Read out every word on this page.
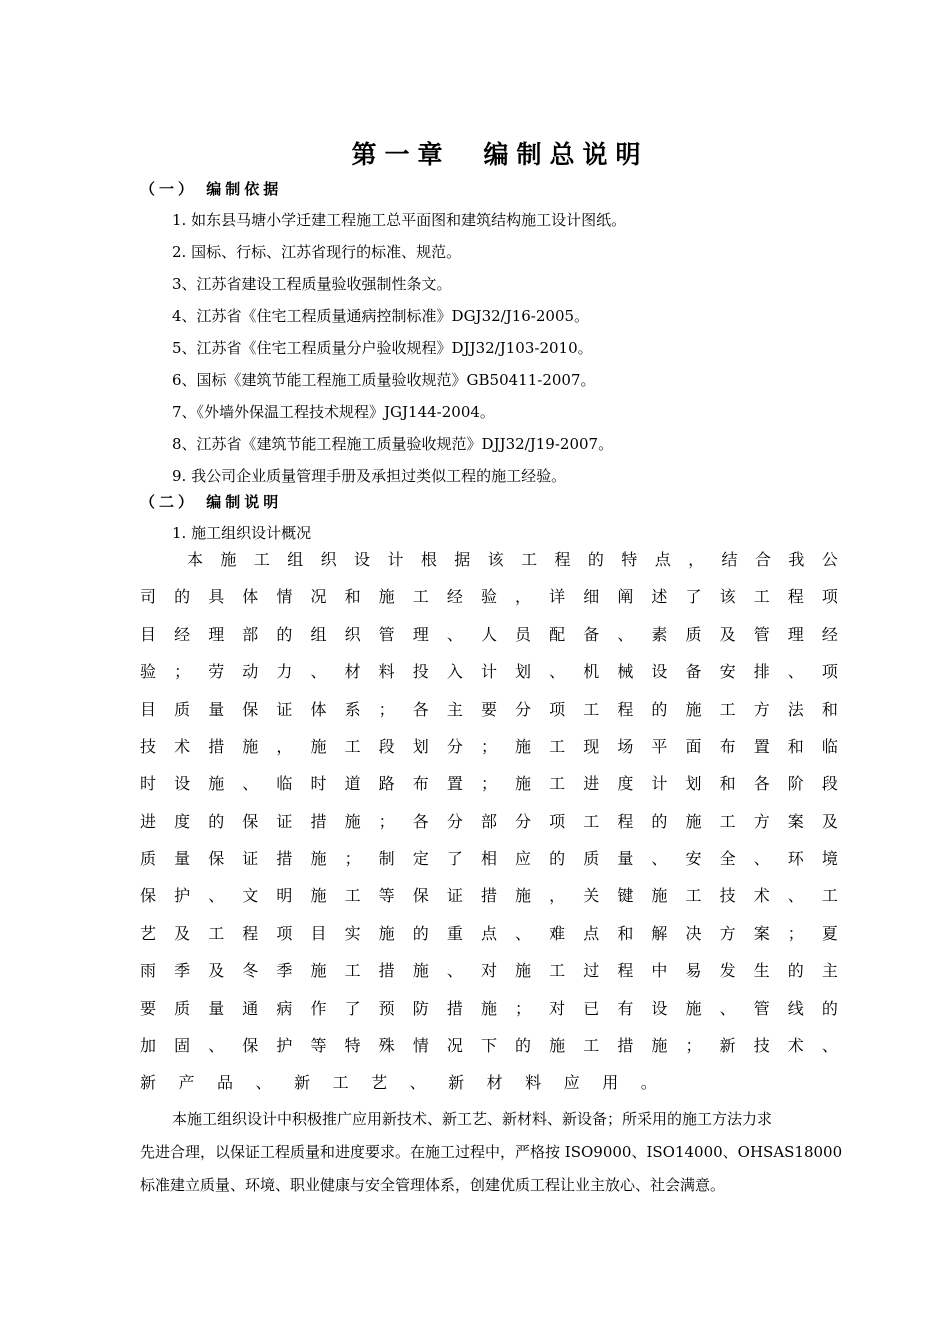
第一章　编制总说明
（一） 编制依据
1. 如东县马塘小学迁建工程施工总平面图和建筑结构施工设计图纸。
2. 国标、行标、江苏省现行的标准、规范。
3、江苏省建设工程质量验收强制性条文。
4、江苏省《住宅工程质量通病控制标准》DGJ32/J16-2005。
5、江苏省《住宅工程质量分户验收规程》DJJ32/J103-2010。
6、国标《建筑节能工程施工质量验收规范》GB50411-2007。
7、《外墙外保温工程技术规程》JGJ144-2004。
8、江苏省《建筑节能工程施工质量验收规范》DJJ32/J19-2007。
9. 我公司企业质量管理手册及承担过类似工程的施工经验。
（二） 编制说明
1. 施工组织设计概况
本 施 工 组 织 设 计 根 据 该 工 程 的 特 点 ， 结 合 我 公
司 的 具 体 情 况 和 施 工 经 验 ， 详 细 阐 述 了 该 工 程 项
目 经 理 部 的 组 织 管 理 、 人 员 配 备 、 素 质 及 管 理 经
验 ； 劳 动 力 、 材 料 投 入 计 划 、 机 械 设 备 安 排 、 项
目 质 量 保 证 体 系 ； 各 主 要 分 项 工 程 的 施 工 方 法 和
技 术 措 施 ， 施 工 段 划 分 ； 施 工 现 场 平 面 布 置 和 临
时 设 施 、 临 时 道 路 布 置 ； 施 工 进 度 计 划 和 各 阶 段
进 度 的 保 证 措 施 ； 各 分 部 分 项 工 程 的 施 工 方 案 及
质 量 保 证 措 施 ； 制 定 了 相 应 的 质 量 、 安 全 、 环 境
保 护 、 文 明 施 工 等 保 证 措 施 ， 关 键 施 工 技 术 、 工
艺 及 工 程 项 目 实 施 的 重 点 、 难 点 和 解 决 方 案 ； 夏
雨 季 及 冬 季 施 工 措 施 、 对 施 工 过 程 中 易 发 生 的 主
要 质 量 通 病 作 了 预 防 措 施 ； 对 已 有 设 施 、 管 线 的
加 固 、 保 护 等 特 殊 情 况 下 的 施 工 措 施 ； 新 技 术 、
新 产 品 、 新 工 艺 、 新 材 料 应 用 。
本施工组织设计中积极推广应用新技术、新工艺、新材料、新设备；所采用的施工方法力求
先进合理，以保证工程质量和进度要求。在施工过程中，严格按 ISO9000、ISO14000、OHSAS18000
标准建立质量、环境、职业健康与安全管理体系，创建优质工程让业主放心、社会满意。
